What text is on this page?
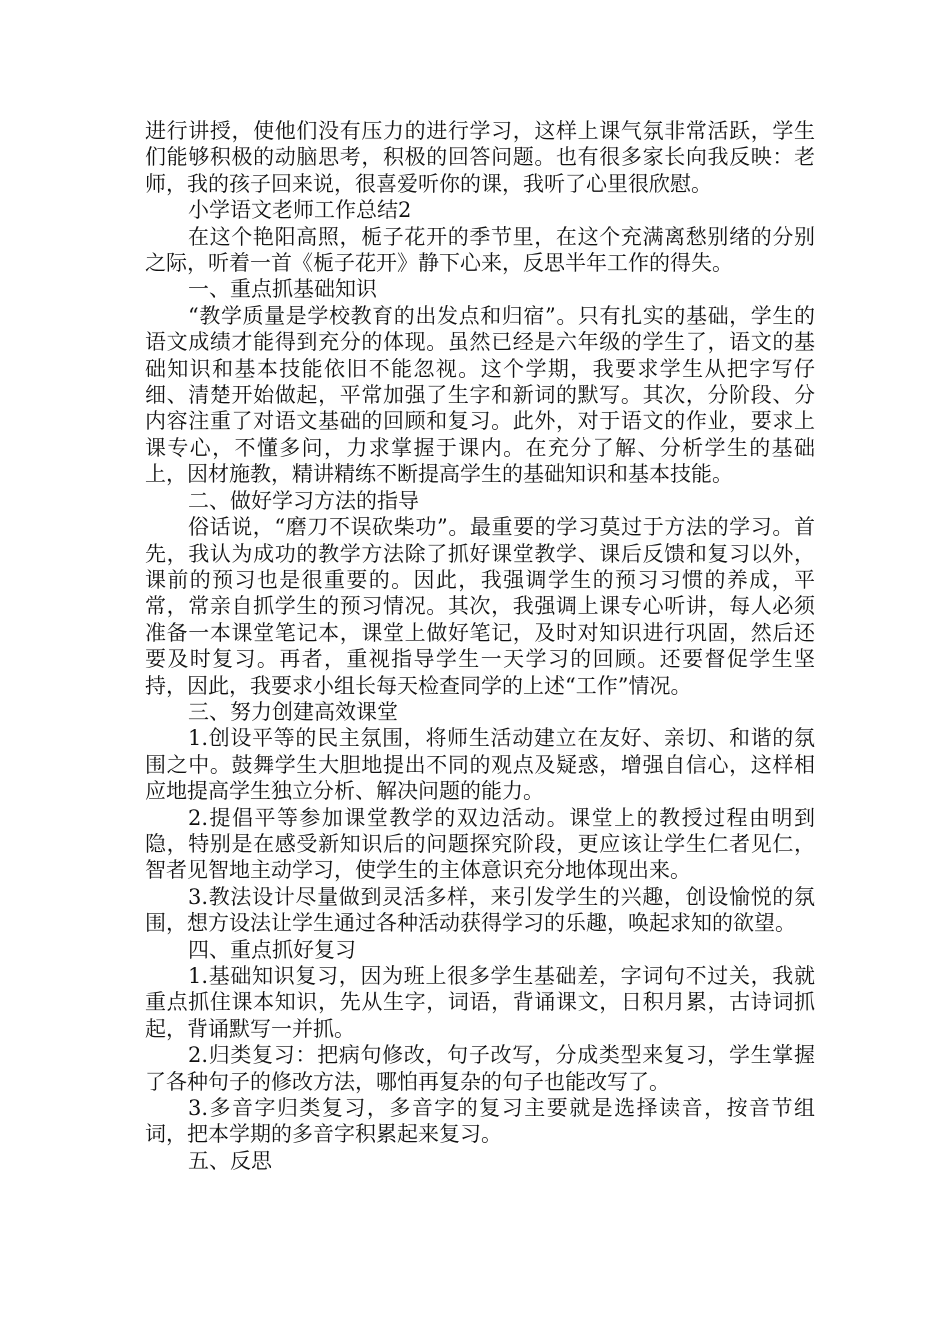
进行讲授，使他们没有压力的进行学习，这样上课气氛非常活跃，学生们能够积极的动脑思考，积极的回答问题。也有很多家长向我反映：老师，我的孩子回来说，很喜爱听你的课，我听了心里很欣慰。

小学语文老师工作总结2

在这个艳阳高照，栀子花开的季节里，在这个充满离愁别绪的分别之际，听着一首《栀子花开》静下心来，反思半年工作的得失。

一、重点抓基础知识

“教学质量是学校教育的出发点和归宿”。只有扎实的基础，学生的语文成绩才能得到充分的体现。虽然已经是六年级的学生了，语文的基础知识和基本技能依旧不能忽视。这个学期，我要求学生从把字写仔细、清楚开始做起，平常加强了生字和新词的默写。其次，分阶段、分内容注重了对语文基础的回顾和复习。此外，对于语文的作业，要求上课专心，不懂多问，力求掌握于课内。在充分了解、分析学生的基础上，因材施教，精讲精练不断提高学生的基础知识和基本技能。

二、做好学习方法的指导

俗话说，“磨刀不误砍柴功”。最重要的学习莫过于方法的学习。首先，我认为成功的教学方法除了抓好课堂教学、课后反馈和复习以外，课前的预习也是很重要的。因此，我强调学生的预习习惯的养成，平常，常亲自抓学生的预习情况。其次，我强调上课专心听讲，每人必须准备一本课堂笔记本，课堂上做好笔记，及时对知识进行巩固，然后还要及时复习。再者，重视指导学生一天学习的回顾。还要督促学生坚持，因此，我要求小组长每天检查同学的上述“工作”情况。

三、努力创建高效课堂

1.创设平等的民主氛围，将师生活动建立在友好、亲切、和谐的氛围之中。鼓舞学生大胆地提出不同的观点及疑惑，增强自信心，这样相应地提高学生独立分析、解决问题的能力。

2.提倡平等参加课堂教学的双边活动。课堂上的教授过程由明到隐，特别是在感受新知识后的问题探究阶段，更应该让学生仁者见仁，智者见智地主动学习，使学生的主体意识充分地体现出来。

3.教法设计尽量做到灵活多样，来引发学生的兴趣，创设愉悦的氛围，想方设法让学生通过各种活动获得学习的乐趣，唤起求知的欲望。

四、重点抓好复习

1.基础知识复习，因为班上很多学生基础差，字词句不过关，我就重点抓住课本知识，先从生字，词语，背诵课文，日积月累，古诗词抓起，背诵默写一并抓。

2.归类复习：把病句修改，句子改写，分成类型来复习，学生掌握了各种句子的修改方法，哪怕再复杂的句子也能改写了。

3.多音字归类复习，多音字的复习主要就是选择读音，按音节组词，把本学期的多音字积累起来复习。

五、反思
